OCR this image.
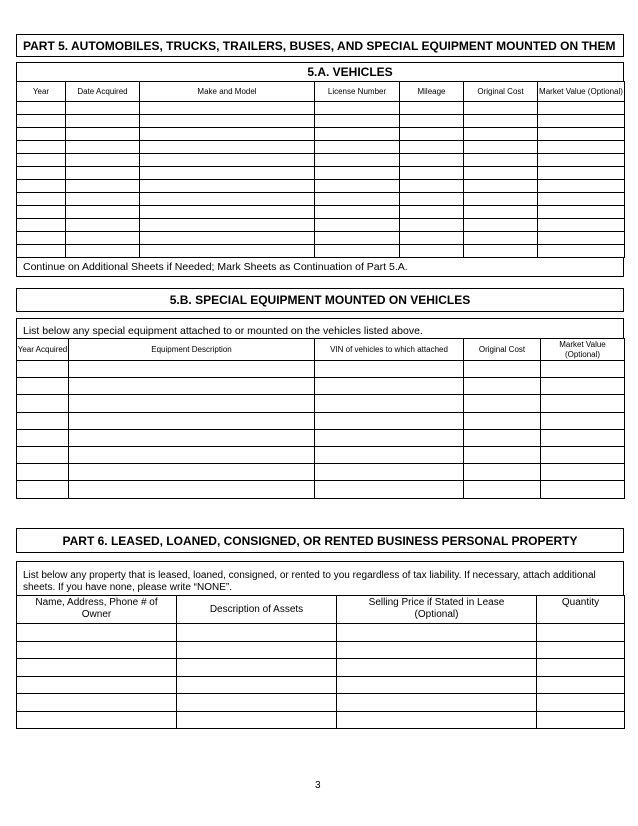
PART 5. AUTOMOBILES, TRUCKS, TRAILERS, BUSES, AND SPECIAL EQUIPMENT MOUNTED ON THEM
5.A. VEHICLES
Year	Date Acquired	Make and Model	License Number	Mileage	Original Cost	Market Value (Optional)

Continue on Additional Sheets if Needed; Mark Sheets as Continuation of Part 5.A.
5.B. SPECIAL EQUIPMENT MOUNTED ON VEHICLES
List below any special equipment attached to or mounted on the vehicles listed above.
Year Acquired	Equipment Description	VIN of vehicles to which attached	Original Cost	Market Value (Optional)

PART 6. LEASED, LOANED, CONSIGNED, OR RENTED BUSINESS PERSONAL PROPERTY
List below any property that is leased, loaned, consigned, or rented to you regardless of tax liability. If necessary, attach additional sheets. If you have none, please write “NONE”.
Name, Address, Phone # of Owner	Description of Assets	Selling Price if Stated in Lease (Optional)	Quantity

3
